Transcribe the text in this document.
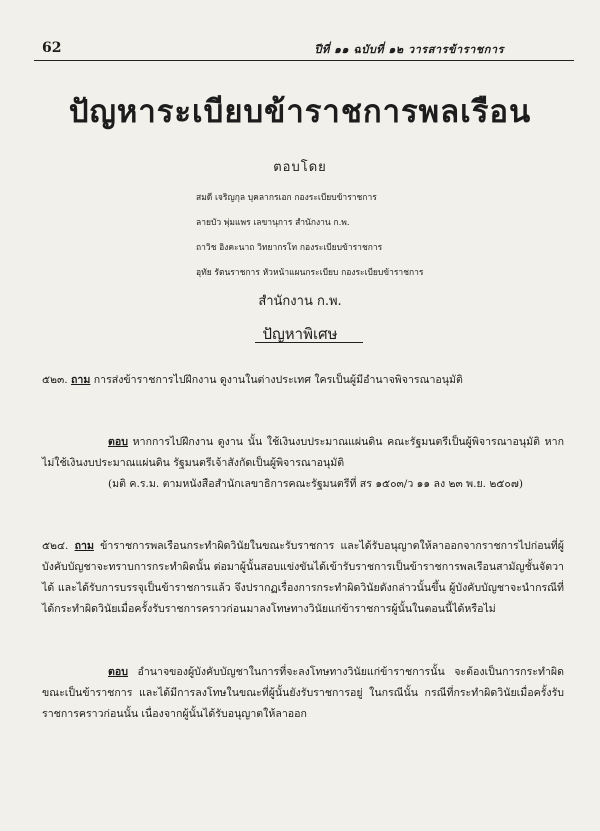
62	ปีที่ ๑๑ ฉบับที่ ๑๒ วารสารข้าราชการ
ปัญหาระเบียบข้าราชการพลเรือน
ตอบโดย
สมดี เจริญกุล บุคลากรเอก กองระเบียบข้าราชการ
ลายบัว พุ่มแพร เลขานุการ สำนักงาน ก.พ.
ถาวิช อิงคะนาถ วิทยากรโท กองระเบียบข้าราชการ
อุทัย รัตนราชการ หัวหน้าแผนกระเบียบ กองระเบียบข้าราชการ
สำนักงาน ก.พ.
ปัญหาพิเศษ
๕๒๓. ถาม การส่งข้าราชการไปฝึกงาน ดูงานในต่างประเทศ ใครเป็นผู้มีอำนาจพิจารณาอนุมัติ
ตอบ หากการไปฝึกงาน ดูงาน นั้น ใช้เงินงบประมาณแผ่นดิน คณะรัฐมนตรีเป็นผู้พิจารณาอนุมัติ หากไม่ใช้เงินงบประมาณแผ่นดิน รัฐมนตรีเจ้าสังกัดเป็นผู้พิจารณาอนุมัติ
(มติ ค.ร.ม. ตามหนังสือสำนักเลขาธิการคณะรัฐมนตรีที่ สร ๑๕๐๓/ว ๑๑ ลง ๒๓ พ.ย. ๒๕๐๗)
๕๒๔. ถาม ข้าราชการพลเรือนกระทำผิดวินัยในขณะรับราชการ และได้รับอนุญาตให้ลาออกจากราชการไปก่อนที่ผู้บังคับบัญชาจะทราบการกระทำผิดนั้น ต่อมาผู้นั้นสอบแข่งขันได้เข้ารับราชการเป็นข้าราชการพลเรือนสามัญชั้นจัตวาได้ และได้รับการบรรจุเป็นข้าราชการแล้ว จึงปรากฏเรื่องการกระทำผิดวินัยดังกล่าวนั้นขึ้น ผู้บังคับบัญชาจะนำกรณีที่ได้กระทำผิดวินัยเมื่อครั้งรับราชการคราวก่อนมาลงโทษทางวินัยแก่ข้าราชการผู้นั้นในตอนนี้ได้หรือไม่
ตอบ อำนาจของผู้บังคับบัญชาในการที่จะลงโทษทางวินัยแก่ข้าราชการนั้น จะต้องเป็นการกระทำผิดขณะเป็นข้าราชการ และได้มีการลงโทษในขณะที่ผู้นั้นยังรับราชการอยู่ ในกรณีนั้น กรณีที่กระทำผิดวินัยเมื่อครั้งรับราชการคราวก่อนนั้น เนื่องจากผู้นั้นได้รับอนุญาตให้ลาออก
